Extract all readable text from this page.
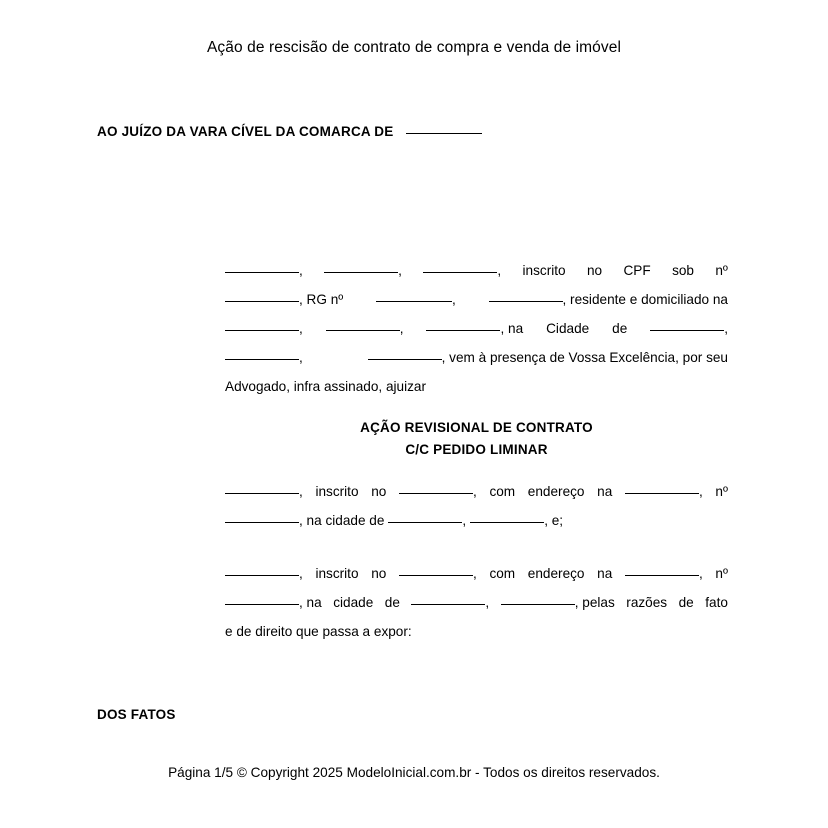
Ação de rescisão de contrato de compra e venda de imóvel
AO JUÍZO DA VARA CÍVEL DA COMARCA DE
,	,	, inscrito no CPF sob nº
, RG nº	,	, residente e domiciliado na
,	,	, na Cidade de	,
,	, vem à presença de Vossa Excelência, por seu
Advogado, infra assinado, ajuizar
AÇÃO REVISIONAL DE CONTRATO
C/C PEDIDO LIMINAR
, inscrito no	, com endereço na	, nº
, na cidade de	,	, e;
, inscrito no	, com endereço na	, nº
, na cidade de	,	, pelas razões de fato
e de direito que passa a expor:
DOS FATOS
Página 1/5 © Copyright 2025 ModeloInicial.com.br - Todos os direitos reservados.
